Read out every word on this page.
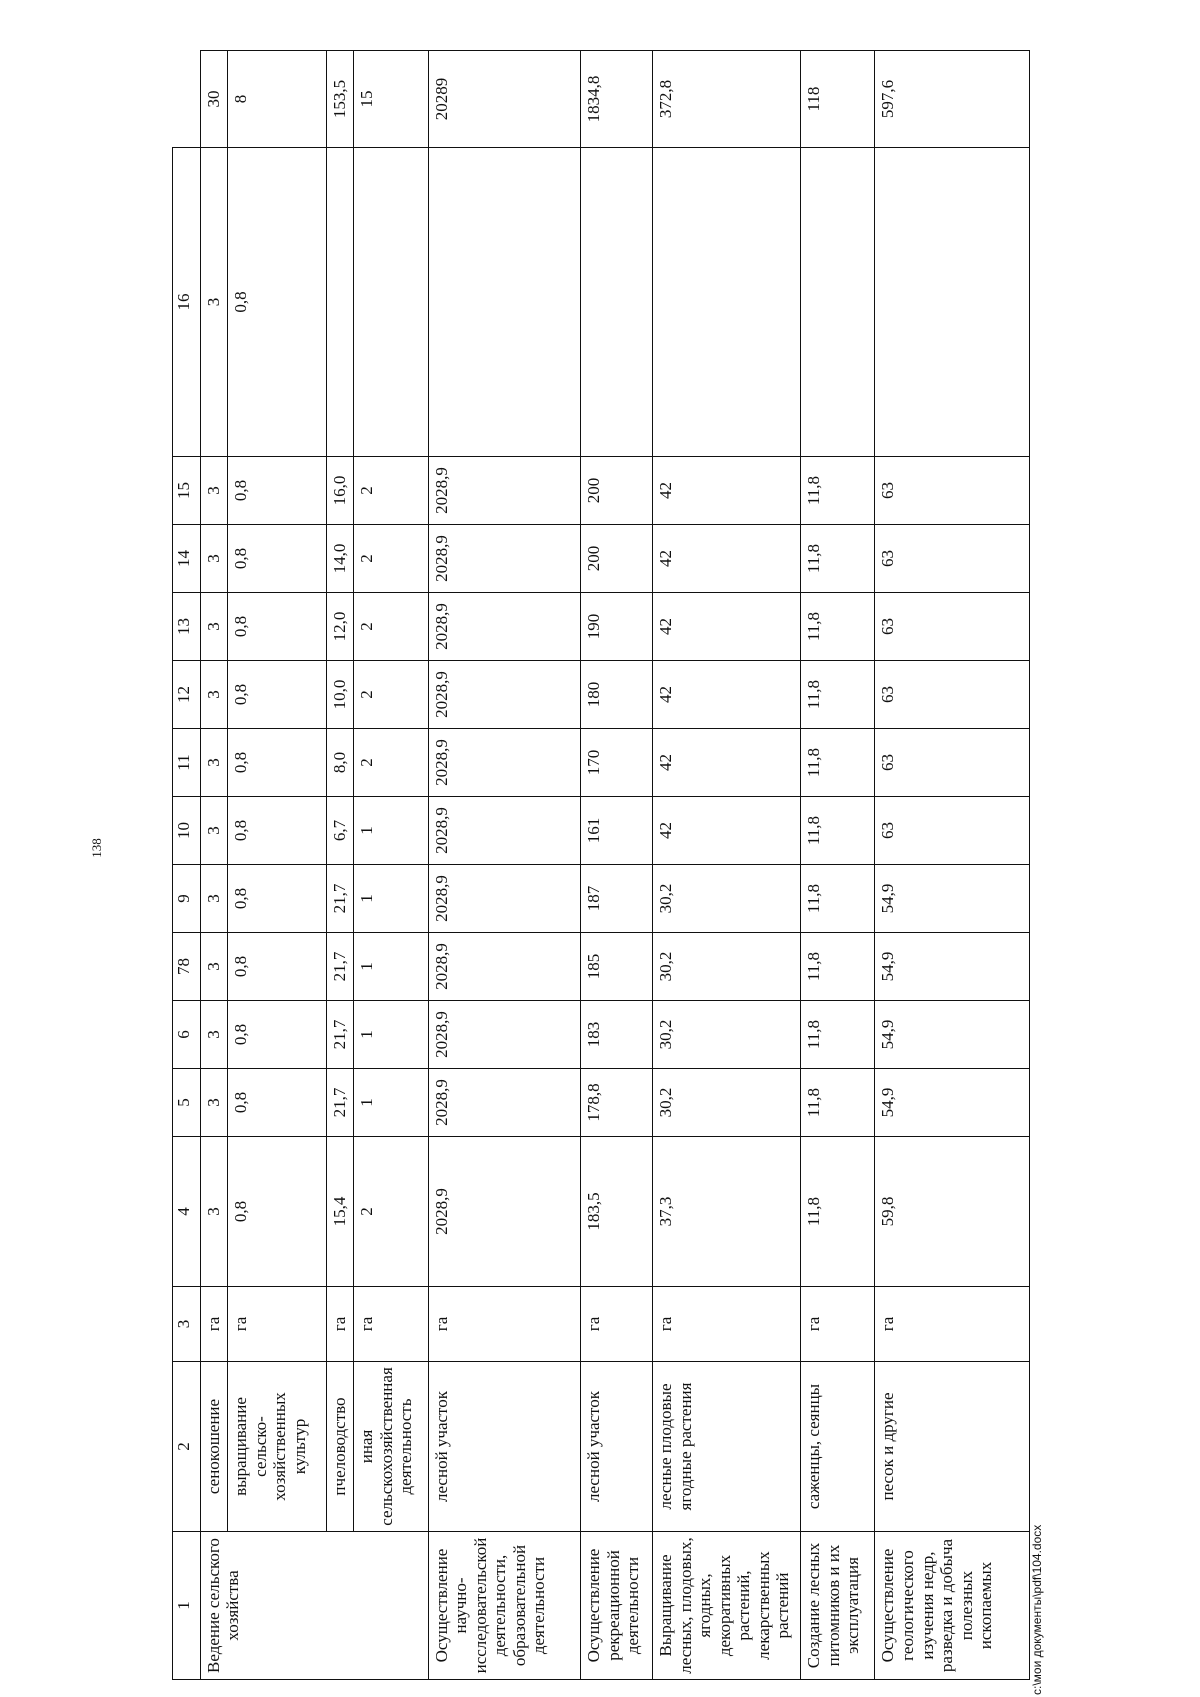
138
c:\мои документы\pdf\104.docx
1	2	3	4	5	6	78	9	10	11	12	13	14	15	16	
Ведение сельского хозяйства	сенокошение	га	3	3	3	3	3	3	3	3	3	3	3	3	30
	выращивание сельско-хозяйственных культур	га	0,8	0,8	0,8	0,8	0,8	0,8	0,8	0,8	0,8	0,8	0,8	0,8	8
	пчеловодство	га	15,4	21,7	21,7	21,7	21,7	6,7	8,0	10,0	12,0	14,0	16,0		153,5
	иная сельскохозяйственная деятельность	га	2	1	1	1	1	1	2	2	2	2	2		15
Осуществление научно-исследовательской деятельности, образовательной деятельности	лесной участок	га	2028,9	2028,9	2028,9	2028,9	2028,9	2028,9	2028,9	2028,9	2028,9	2028,9	2028,9		20289
Осуществление рекреационной деятельности	лесной участок	га	183,5	178,8	183	185	187	161	170	180	190	200	200		1834,8
Выращивание лесных, плодовых, ягодных, декоративных растений, лекарственных растений	лесные плодовые ягодные растения	га	37,3	30,2	30,2	30,2	30,2	42	42	42	42	42	42		372,8
Создание лесных питомников и их эксплуатация	саженцы, сеянцы	га	11,8	11,8	11,8	11,8	11,8	11,8	11,8	11,8	11,8	11,8	11,8		118
Осуществление геологического изучения недр, разведка и добыча полезных ископаемых	песок и другие	га	59,8	54,9	54,9	54,9	54,9	63	63	63	63	63	63		597,6
